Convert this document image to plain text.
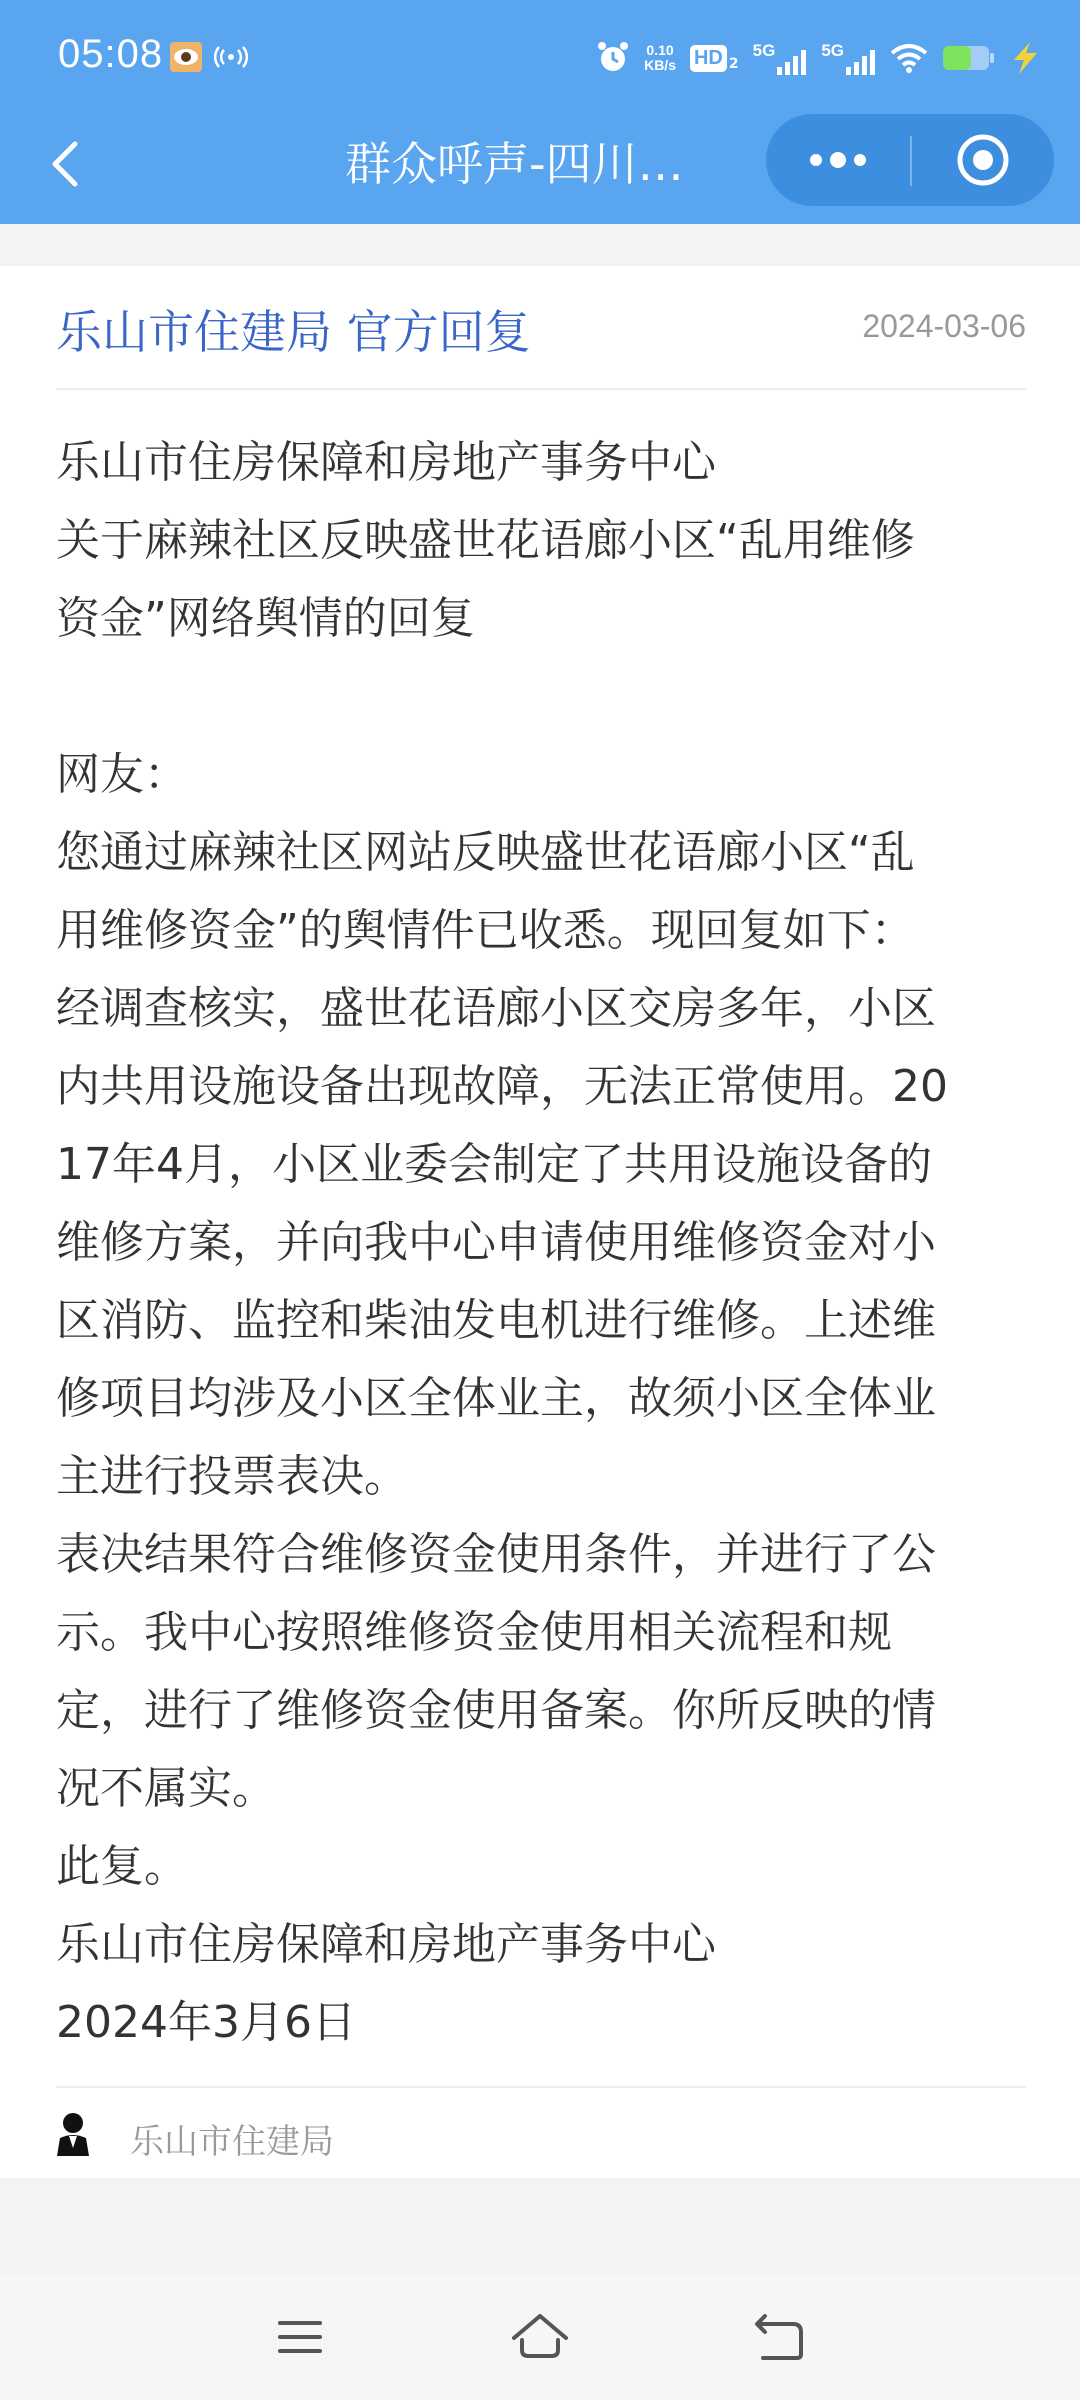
05:08	0.10
KB/s HD 2
5G	5G
群众呼声-四川…
乐山市住建局 官方回复	2024-03-06
乐山市住房保障和房地产事务中心
关于麻辣社区反映盛世花语廊小区“乱用维修
资金”网络舆情的回复
网友：
您通过麻辣社区网站反映盛世花语廊小区“乱
用维修资金”的舆情件已收悉。现回复如下：
经调查核实，盛世花语廊小区交房多年，小区
内共用设施设备出现故障，无法正常使用。20
17年4月，小区业委会制定了共用设施设备的
维修方案，并向我中心申请使用维修资金对小
区消防、监控和柴油发电机进行维修。上述维
修项目均涉及小区全体业主，故须小区全体业
主进行投票表决。
表决结果符合维修资金使用条件，并进行了公
示。我中心按照维修资金使用相关流程和规
定，进行了维修资金使用备案。你所反映的情
况不属实。
此复。
乐山市住房保障和房地产事务中心
2024年3月6日
乐山市住建局
